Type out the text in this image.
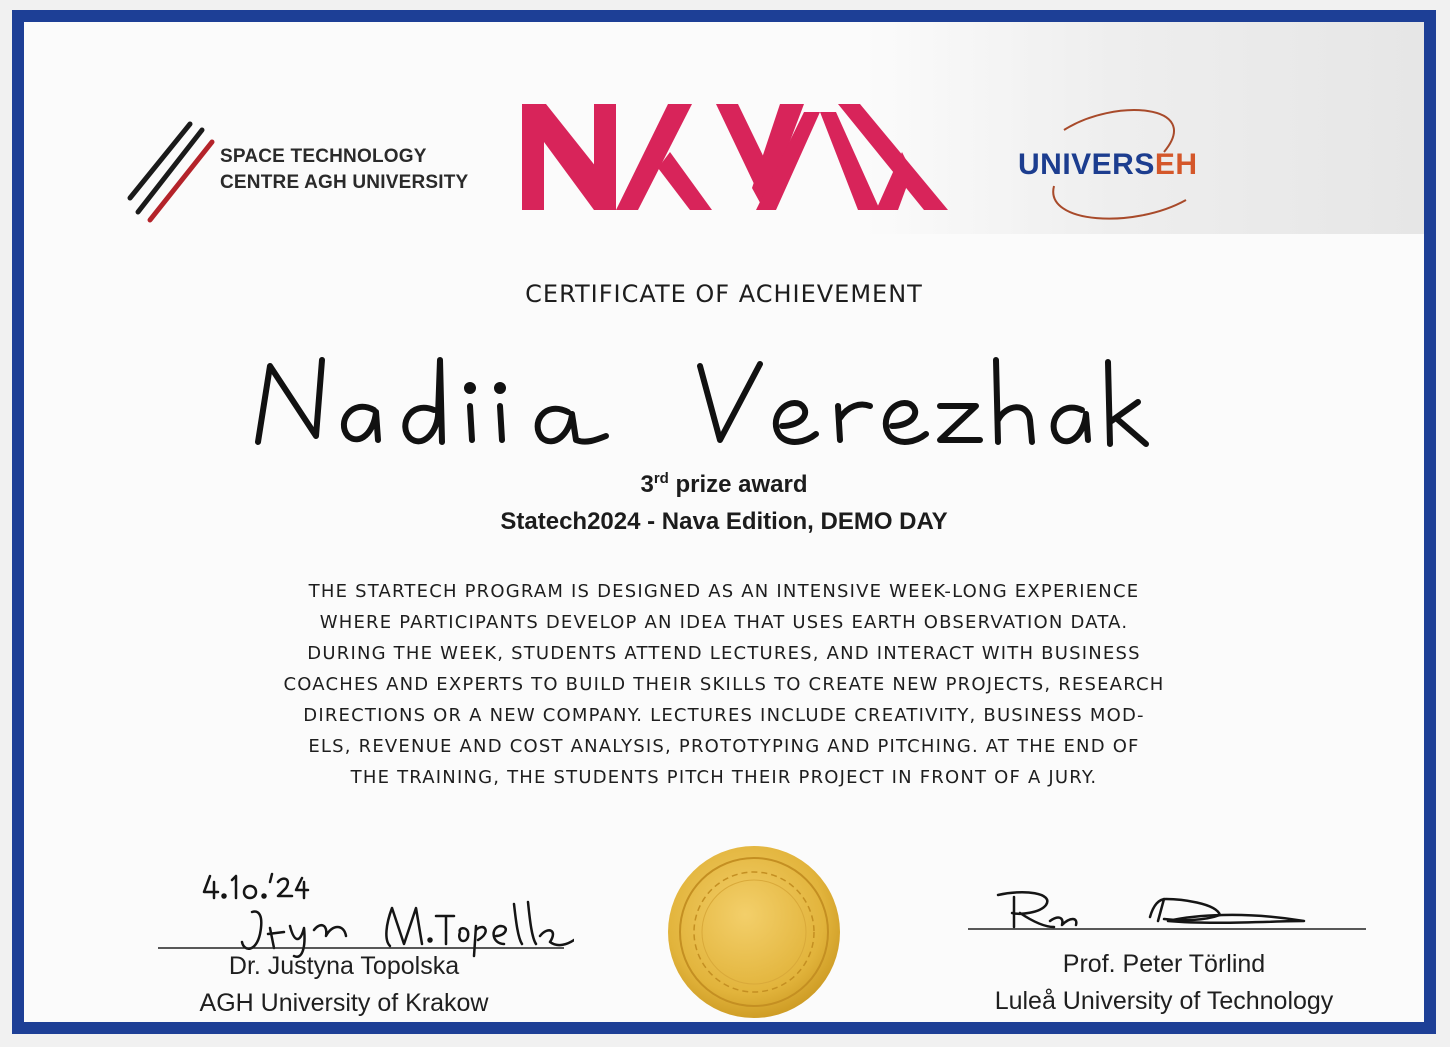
SPACE TECHNOLOGY
CENTRE AGH UNIVERSITY
UNIVERSEH
CERTIFICATE OF ACHIEVEMENT
3rd prize award
Statech2024 - Nava Edition, DEMO DAY
THE STARTECH PROGRAM IS DESIGNED AS AN INTENSIVE WEEK-LONG EXPERIENCE
WHERE PARTICIPANTS DEVELOP AN IDEA THAT USES EARTH OBSERVATION DATA.
DURING THE WEEK, STUDENTS ATTEND LECTURES, AND INTERACT WITH BUSINESS
COACHES AND EXPERTS TO BUILD THEIR SKILLS TO CREATE NEW PROJECTS, RESEARCH
DIRECTIONS OR A NEW COMPANY. LECTURES INCLUDE CREATIVITY, BUSINESS MOD-
ELS, REVENUE AND COST ANALYSIS, PROTOTYPING AND PITCHING. AT THE END OF
THE TRAINING, THE STUDENTS PITCH THEIR PROJECT IN FRONT OF A JURY.
Dr. Justyna Topolska
AGH University of Krakow
Prof. Peter Törlind
Luleå University of Technology
